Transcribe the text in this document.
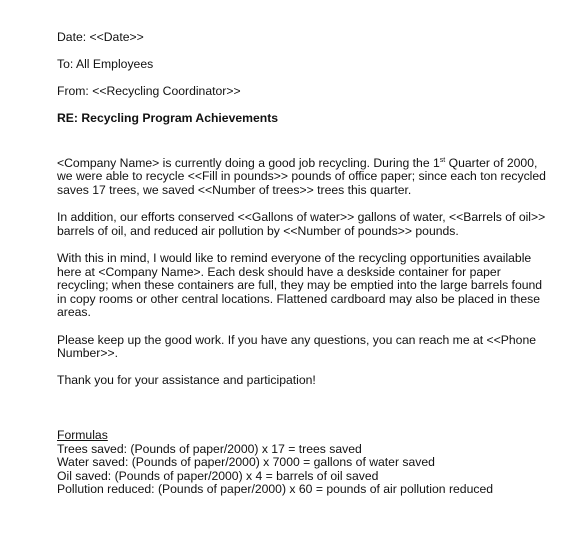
Date: <<Date>>

To: All Employees

From: <<Recycling Coordinator>>

RE: Recycling Program Achievements

<Company Name> is currently doing a good job recycling. During the 1st Quarter of 2000,
we were able to recycle <<Fill in pounds>> pounds of office paper; since each ton recycled
saves 17 trees, we saved <<Number of trees>> trees this quarter.

In addition, our efforts conserved <<Gallons of water>> gallons of water, <<Barrels of oil>>
barrels of oil, and reduced air pollution by <<Number of pounds>> pounds.

With this in mind, I would like to remind everyone of the recycling opportunities available
here at <Company Name>. Each desk should have a deskside container for paper
recycling; when these containers are full, they may be emptied into the large barrels found
in copy rooms or other central locations. Flattened cardboard may also be placed in these
areas.

Please keep up the good work. If you have any questions, you can reach me at <<Phone
Number>>.

Thank you for your assistance and participation!

Formulas
Trees saved: (Pounds of paper/2000) x 17 = trees saved
Water saved: (Pounds of paper/2000) x 7000 = gallons of water saved
Oil saved: (Pounds of paper/2000) x 4 = barrels of oil saved
Pollution reduced: (Pounds of paper/2000) x 60 = pounds of air pollution reduced
